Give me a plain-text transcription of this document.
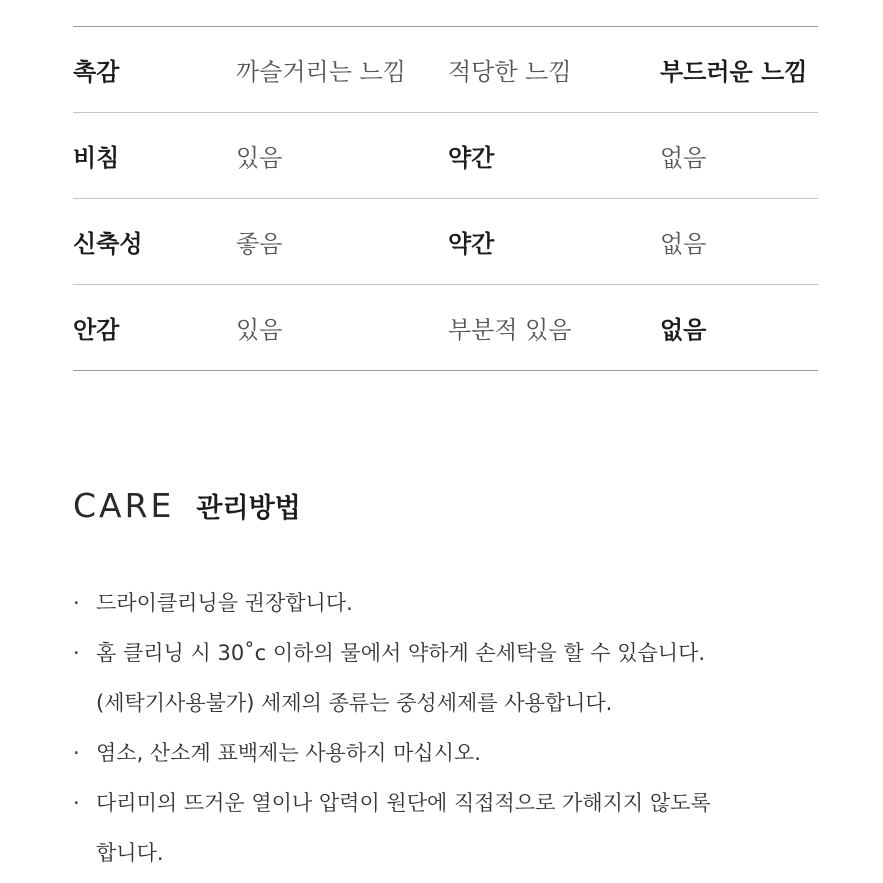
촉감	까슬거리는 느낌	적당한 느낌	부드러운 느낌
비침	있음	약간	없음
신축성	좋음	약간	없음
안감	있음	부분적 있음	없음
CARE 관리방법
· 드라이클리닝을 권장합니다.
· 홈 클리닝 시 30˚c 이하의 물에서 약하게 손세탁을 할 수 있습니다.
(세탁기사용불가) 세제의 종류는 중성세제를 사용합니다.
· 염소, 산소계 표백제는 사용하지 마십시오.
· 다리미의 뜨거운 열이나 압력이 원단에 직접적으로 가해지지 않도록
합니다.
